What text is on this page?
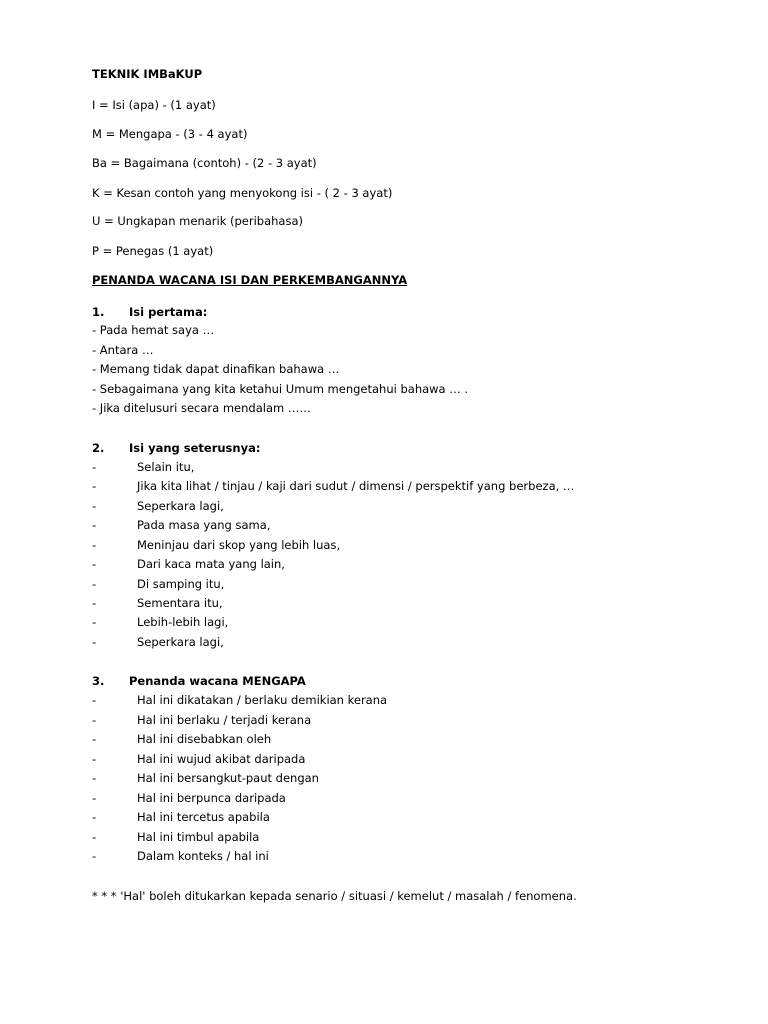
TEKNIK IMBaKUP
I = Isi (apa) - (1 ayat)
M = Mengapa - (3 - 4 ayat)
Ba = Bagaimana (contoh) - (2 - 3 ayat)
K = Kesan contoh yang menyokong isi - ( 2 - 3 ayat)
U = Ungkapan menarik (peribahasa)
P = Penegas (1 ayat)
PENANDA WACANA ISI DAN PERKEMBANGANNYA
1. Isi pertama:
- Pada hemat saya …
- Antara …
- Memang tidak dapat dinafikan bahawa …
- Sebagaimana yang kita ketahui Umum mengetahui bahawa … .
- Jika ditelusuri secara mendalam ……
2. Isi yang seterusnya:
-	Selain itu,
-	Jika kita lihat / tinjau / kaji dari sudut / dimensi / perspektif yang berbeza, …
-	Seperkara lagi,
-	Pada masa yang sama,
-	Meninjau dari skop yang lebih luas,
-	Dari kaca mata yang lain,
-	Di samping itu,
-	Sementara itu,
-	Lebih-lebih lagi,
-	Seperkara lagi,
3. Penanda wacana MENGAPA
-	Hal ini dikatakan / berlaku demikian kerana
-	Hal ini berlaku / terjadi kerana
-	Hal ini disebabkan oleh
-	Hal ini wujud akibat daripada
-	Hal ini bersangkut-paut dengan
-	Hal ini berpunca daripada
-	Hal ini tercetus apabila
-	Hal ini timbul apabila
-	Dalam konteks / hal ini
* * * 'Hal' boleh ditukarkan kepada senario / situasi / kemelut / masalah / fenomena.
